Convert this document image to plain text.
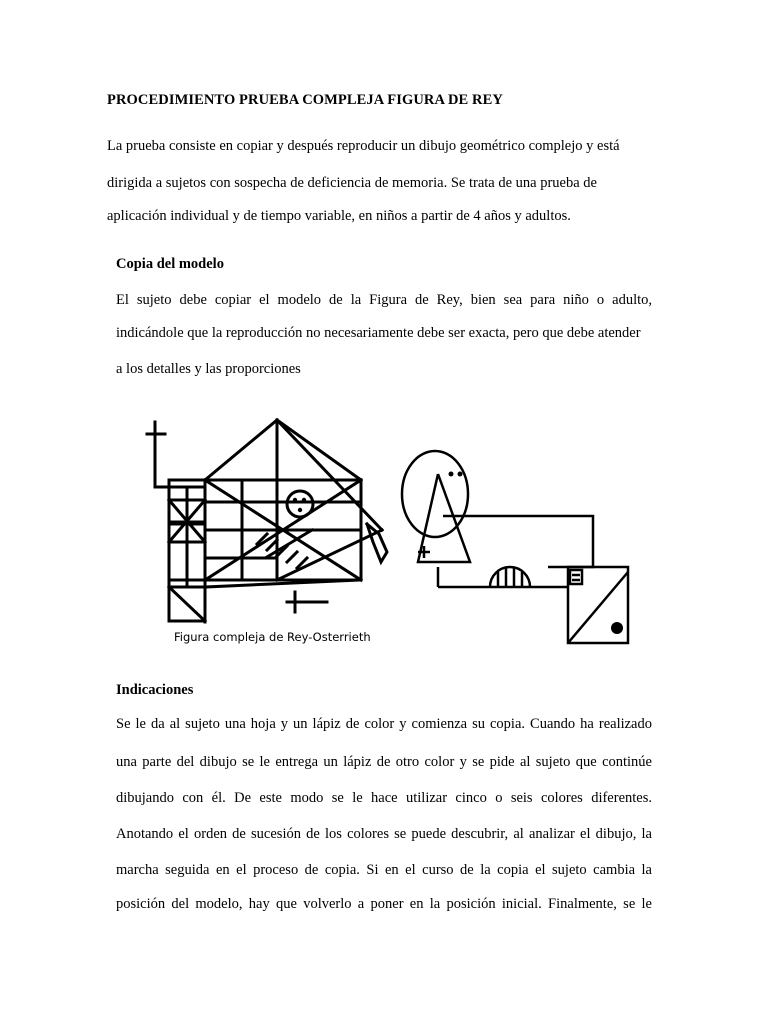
PROCEDIMIENTO PRUEBA COMPLEJA FIGURA DE REY
La prueba consiste en copiar y después reproducir un dibujo geométrico complejo y está
dirigida a sujetos con sospecha de deficiencia de memoria. Se trata de una prueba de
aplicación individual y de tiempo variable, en niños a partir de 4 años y adultos.
Copia del modelo
El sujeto debe copiar el modelo de la Figura de Rey, bien sea para niño o adulto,
indicándole que la reproducción no necesariamente debe ser exacta, pero que debe atender
a los detalles y las proporciones
Figura compleja de Rey-Osterrieth
Indicaciones
Se le da al sujeto una hoja y un lápiz de color y comienza su copia. Cuando ha realizado
una parte del dibujo se le entrega un lápiz de otro color y se pide al sujeto que continúe
dibujando con él. De este modo se le hace utilizar cinco o seis colores diferentes.
Anotando el orden de sucesión de los colores se puede descubrir, al analizar el dibujo, la
marcha seguida en el proceso de copia. Si en el curso de la copia el sujeto cambia la
posición del modelo, hay que volverlo a poner en la posición inicial. Finalmente, se le
